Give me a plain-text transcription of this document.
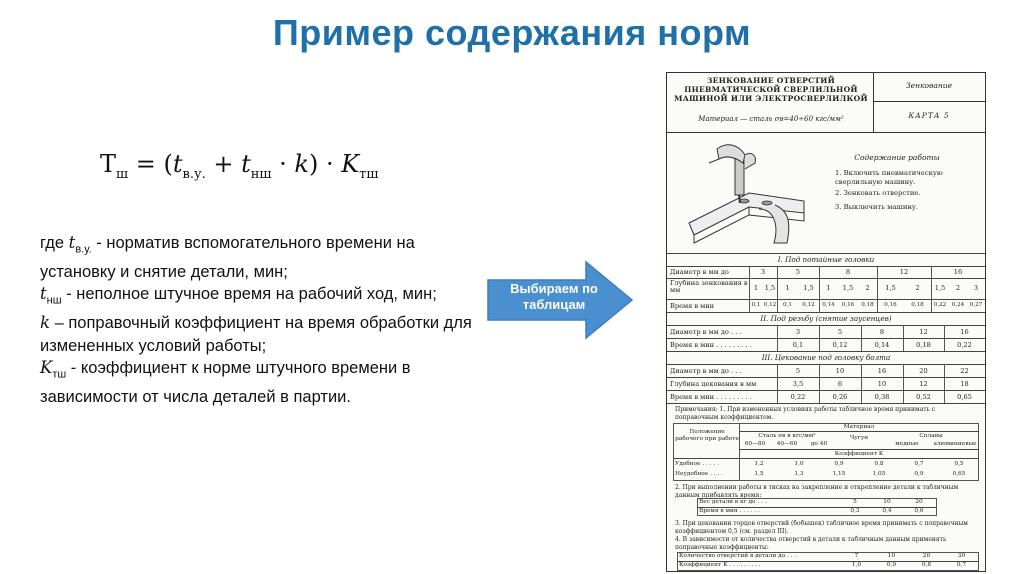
Пример содержания норм
$T_ш = (t_{в.у.} + t_{нш} \cdot k) \cdot K_{тш}$
где $t_{в.у.}$ - норматив вспомогательного времени на установку и снятие детали, мин;
$t_{нш}$ - неполное штучное время на рабочий ход, мин;
k – поправочный коэффициент на время обработки для измененных условий работы;
$K_{тш}$ - коэффициент к норме штучного времени в зависимости от числа деталей в партии.
Выбираем по
таблицам
ЗЕНКОВАНИЕ ОТВЕРСТИЙ
ПНЕВМАТИЧЕСКОЙ СВЕРЛИЛЬНОЙ
МАШИНОЙ ИЛИ ЭЛЕКТРОСВЕРЛИЛКОЙ
Материал — сталь σв=40÷60 кгс/мм²
Зенкование
КАРТА 5
Содержание работы
1. Включить пневматическую сверлильную машину.
2. Зенковать отверстие.
3. Выключить машину.
I. Под потайные головки
Диаметр в мм до	3	5	8	12	16
Глубина зенкования в мм	1	1,5	1	1,5	1	1,5	2	1,5	2	1,5	2	3
Время в мин	0,1 0,12	0,1	0,12	0,14	0,16	0,18	0,16	0,18	0,22 0,24 0,27
II. Под резьбу (снятие заусенцев)
Диаметр в мм до . . .	3	5	8	12	16
Время в мин . . . . . . . . .	0,1	0,12	0,14	0,18	0,22
III. Цекование под головку болта
Диаметр в мм до . . .	5	10	16	20	22
Глубина цекования в мм	3,5	6	10	12	18
Время в мин . . . . . . . . .	0,22	0,26	0,38	0,52	0,65
Примечания: 1. При измененных условиях работы табличное время принимать с поправочным коэффициентом.
Положение рабочего при работе
Материал
Сталь σв в кгс/мм²	Чугун	Сплавы
60—80	40—60	до 40	медные	алюминиевые
Коэффициент K
Удобное . . . . .	1,2	1,0	0,9	0,8	0,7	0,5
Неудобное . . . .	1,5	1,3	1,15	1,05	0,9	0,65
2. При выполнении работы в тисках на закрепление и открепление детали к табличным данным прибавлять время:
Вес детали в кг до . . .	5	10	20
Время в мин . . . . . .	0,3	0,4	0,6
3. При цековании торцов отверстий (бобышек) табличное время принимать с поправочным коэффициентом 0,5 (см. раздел III).
4. В зависимости от количества отверстий в детали к табличным данным применять поправочные коэффициенты:
Количество отверстий в детали до . . .	7	10	20	30
Коэффициент K . . . . . . . . .	1,0	0,9	0,8	0,7
